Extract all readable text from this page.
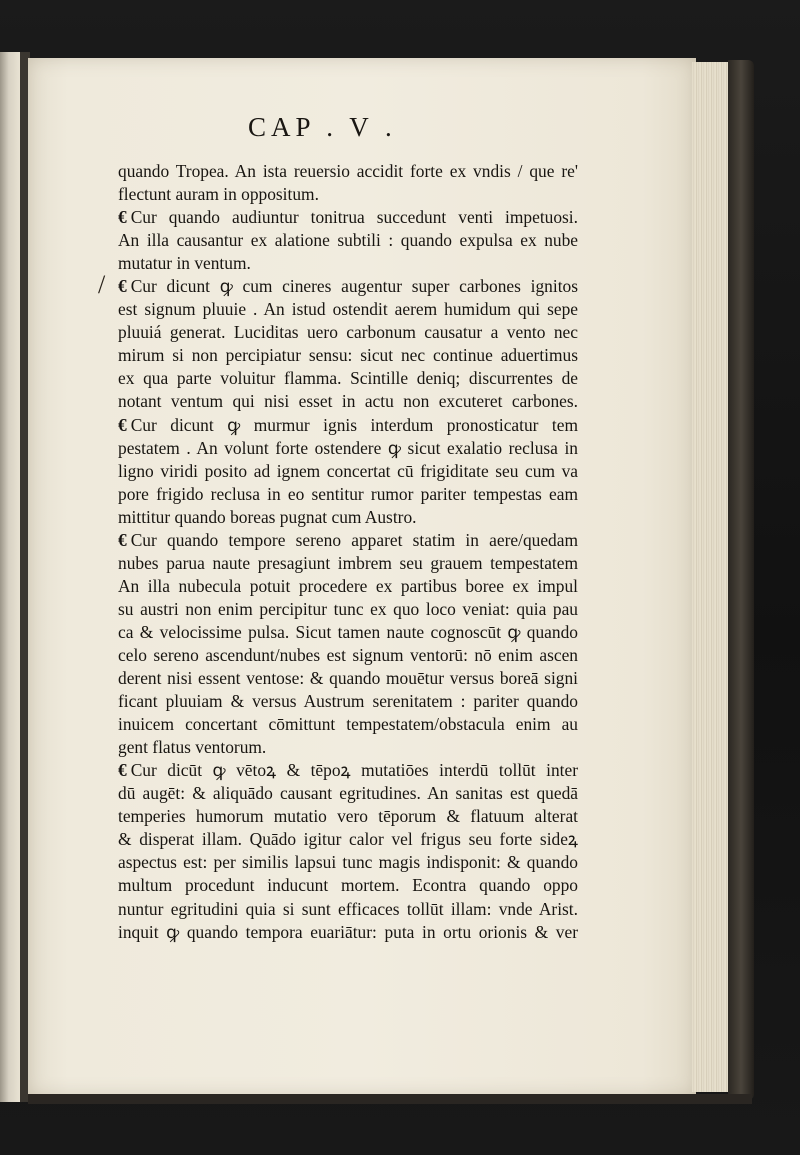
CAP . V .
/
quando Tropea. An ista reuersio accidit forte ex vndis / que re'
flectunt auram in oppositum.
€ Cur quando audiuntur tonitrua succedunt venti impetuosi.
An illa causantur ex alatione subtili : quando expulsa ex nube
mutatur in ventum.
€ Cur dicunt ꝙ cum cineres augentur super carbones ignitos
est signum pluuie . An istud ostendit aerem humidum qui sepe
pluuiá generat. Luciditas uero carbonum causatur a vento nec
mirum si non percipiatur sensu: sicut nec continue aduertimus
ex qua parte voluitur flamma. Scintille deniq; discurrentes de
notant ventum qui nisi esset in actu non excuteret carbones.
€ Cur dicunt ꝙ murmur ignis interdum pronosticatur tem
pestatem . An volunt forte ostendere ꝙ sicut exalatio reclusa in
ligno viridi posito ad ignem concertat cū frigiditate seu cum va
pore frigido reclusa in eo sentitur rumor pariter tempestas eam
mittitur quando boreas pugnat cum Austro.
€ Cur quando tempore sereno apparet statim in aere/quedam
nubes parua naute presagiunt imbrem seu grauem tempestatem
An illa nubecula potuit procedere ex partibus boree ex impul
su austri non enim percipitur tunc ex quo loco veniat: quia pau
ca & velocissime pulsa. Sicut tamen naute cognoscūt ꝙ quando
celo sereno ascendunt/nubes est signum ventorū: nō enim ascen
derent nisi essent ventose: & quando mouētur versus boreā signi
ficant pluuiam & versus Austrum serenitatem : pariter quando
inuicem concertant cōmittunt tempestatem/obstacula enim au
gent flatus ventorum.
€ Cur dicūt ꝙ vētoꝝ & tēpoꝝ mutatiōes interdū tollūt inter
dū augēt: & aliquādo causant egritudines. An sanitas est quedā
temperies humorum mutatio vero tēporum & flatuum alterat
& disperat illam. Quādo igitur calor vel frigus seu forte sideꝝ
aspectus est: per similis lapsui tunc magis indisponit: & quando
multum procedunt inducunt mortem. Econtra quando oppo
nuntur egritudini quia si sunt efficaces tollūt illam: vnde Arist.
inquit ꝙ quando tempora euariātur: puta in ortu orionis & ver
